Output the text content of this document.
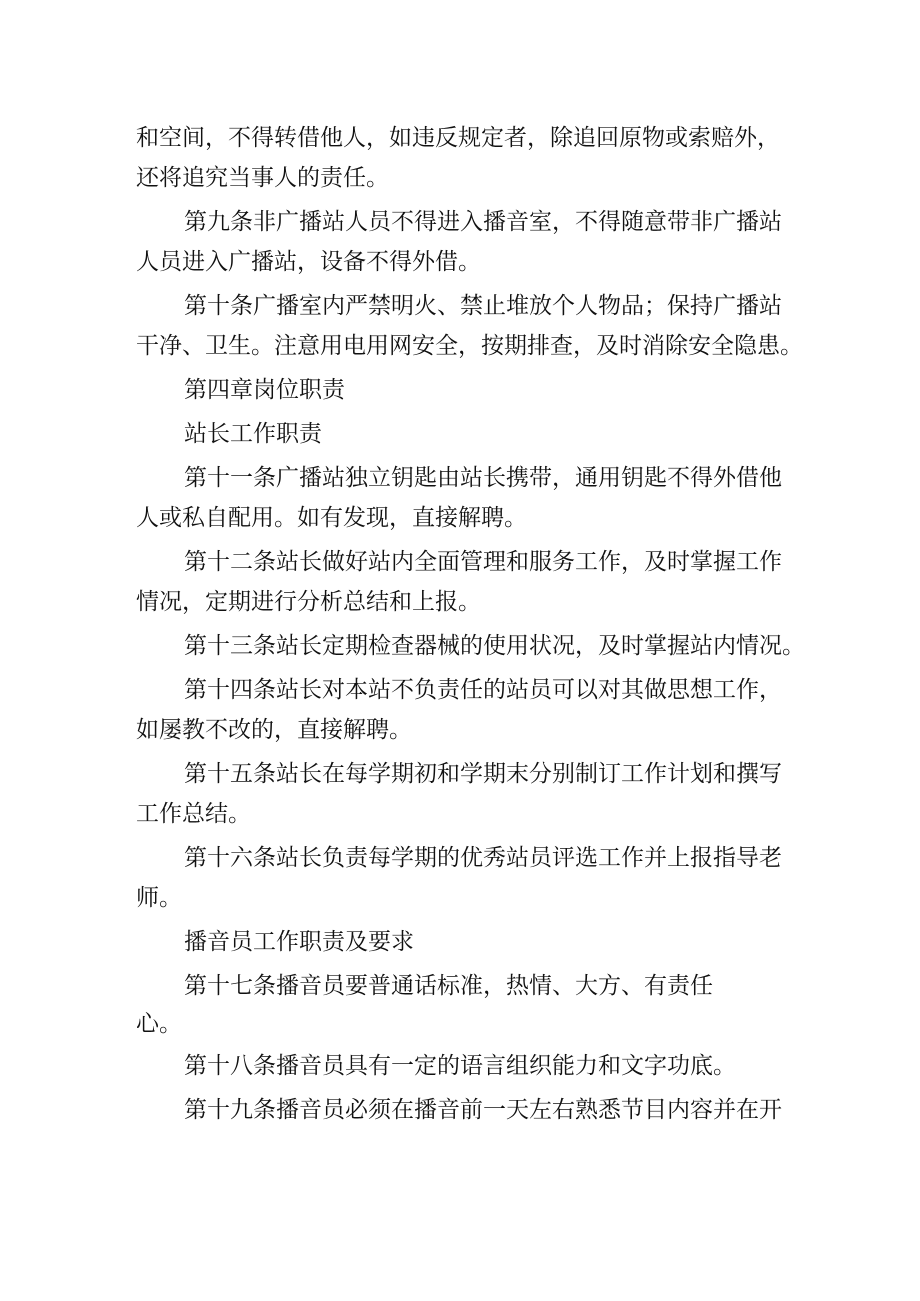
和空间，不得转借他人，如违反规定者，除追回原物或索赔外，
还将追究当事人的责任。
第九条非广播站人员不得进入播音室，不得随意带非广播站
人员进入广播站，设备不得外借。
第十条广播室内严禁明火、禁止堆放个人物品；保持广播站
干净、卫生。注意用电用网安全，按期排查，及时消除安全隐患。
第四章岗位职责
站长工作职责
第十一条广播站独立钥匙由站长携带，通用钥匙不得外借他
人或私自配用。如有发现，直接解聘。
第十二条站长做好站内全面管理和服务工作，及时掌握工作
情况，定期进行分析总结和上报。
第十三条站长定期检查器械的使用状况，及时掌握站内情况。
第十四条站长对本站不负责任的站员可以对其做思想工作，
如屡教不改的，直接解聘。
第十五条站长在每学期初和学期末分别制订工作计划和撰写
工作总结。
第十六条站长负责每学期的优秀站员评选工作并上报指导老
师。
播音员工作职责及要求
第十七条播音员要普通话标准，热情、大方、有责任
心。
第十八条播音员具有一定的语言组织能力和文字功底。
第十九条播音员必须在播音前一天左右熟悉节目内容并在开
